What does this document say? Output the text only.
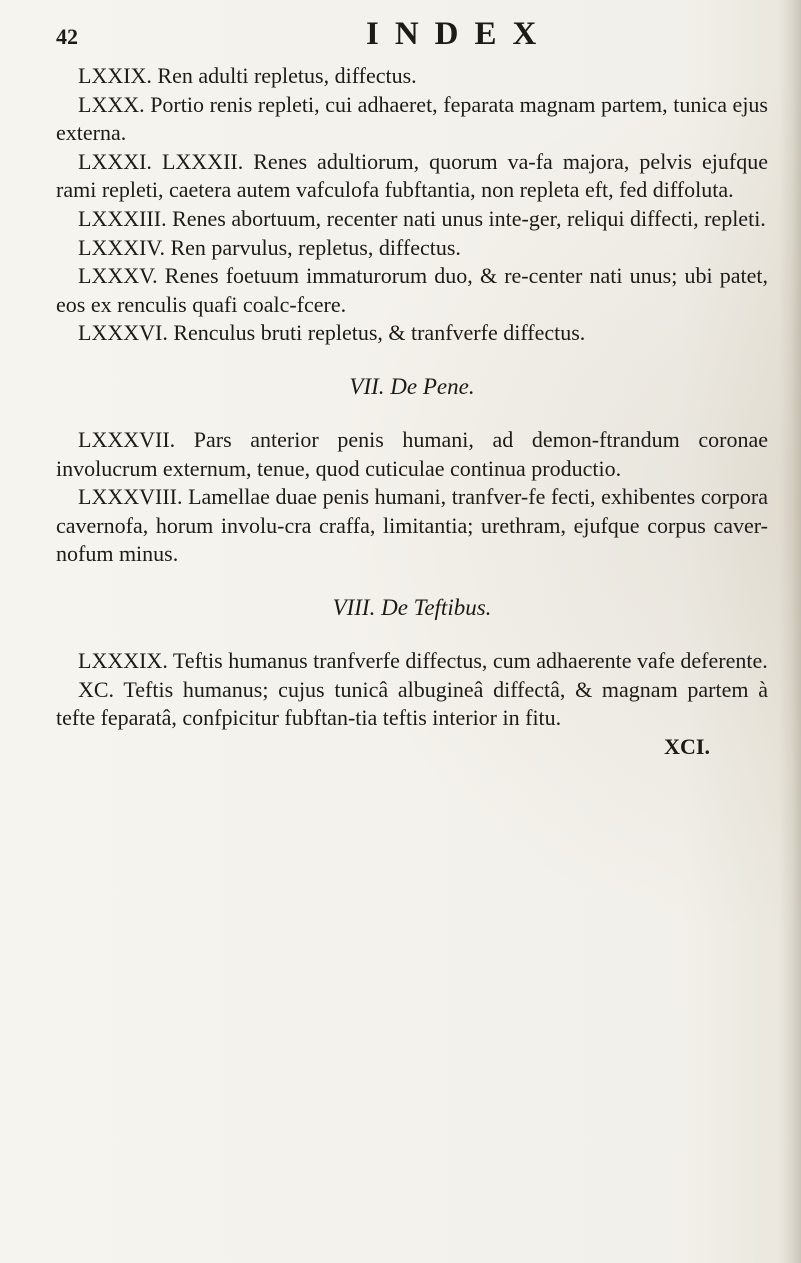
42	INDEX

LXXIX. Ren adulti repletus, diffectus.

LXXX. Portio renis repleti, cui adhaeret, feparata magnam partem, tunica ejus externa.

LXXXI. LXXXII. Renes adultiorum, quorum va-fa majora, pelvis ejufque rami repleti, caetera autem vafculofa fubftantia, non repleta eft, fed diffoluta.

LXXXIII. Renes abortuum, recenter nati unus inte-ger, reliqui diffecti, repleti.

LXXXIV. Ren parvulus, repletus, diffectus.

LXXXV. Renes foetuum immaturorum duo, & re-center nati unus; ubi patet, eos ex renculis quafi coalc-fcere.

LXXXVI. Renculus bruti repletus, & tranfverfe diffectus.

VII. De Pene.

LXXXVII. Pars anterior penis humani, ad demon-ftrandum coronae involucrum externum, tenue, quod cuticulae continua productio.

LXXXVIII. Lamellae duae penis humani, tranfver-fe fecti, exhibentes corpora cavernofa, horum involu-cra craffa, limitantia; urethram, ejufque corpus caver-nofum minus.

VIII. De Teftibus.

LXXXIX. Teftis humanus tranfverfe diffectus, cum adhaerente vafe deferente.

XC. Teftis humanus; cujus tunicâ albugineâ diffectâ, & magnam partem à tefte feparatâ, confpicitur fubftan-tia teftis interior in fitu.

XCI.
